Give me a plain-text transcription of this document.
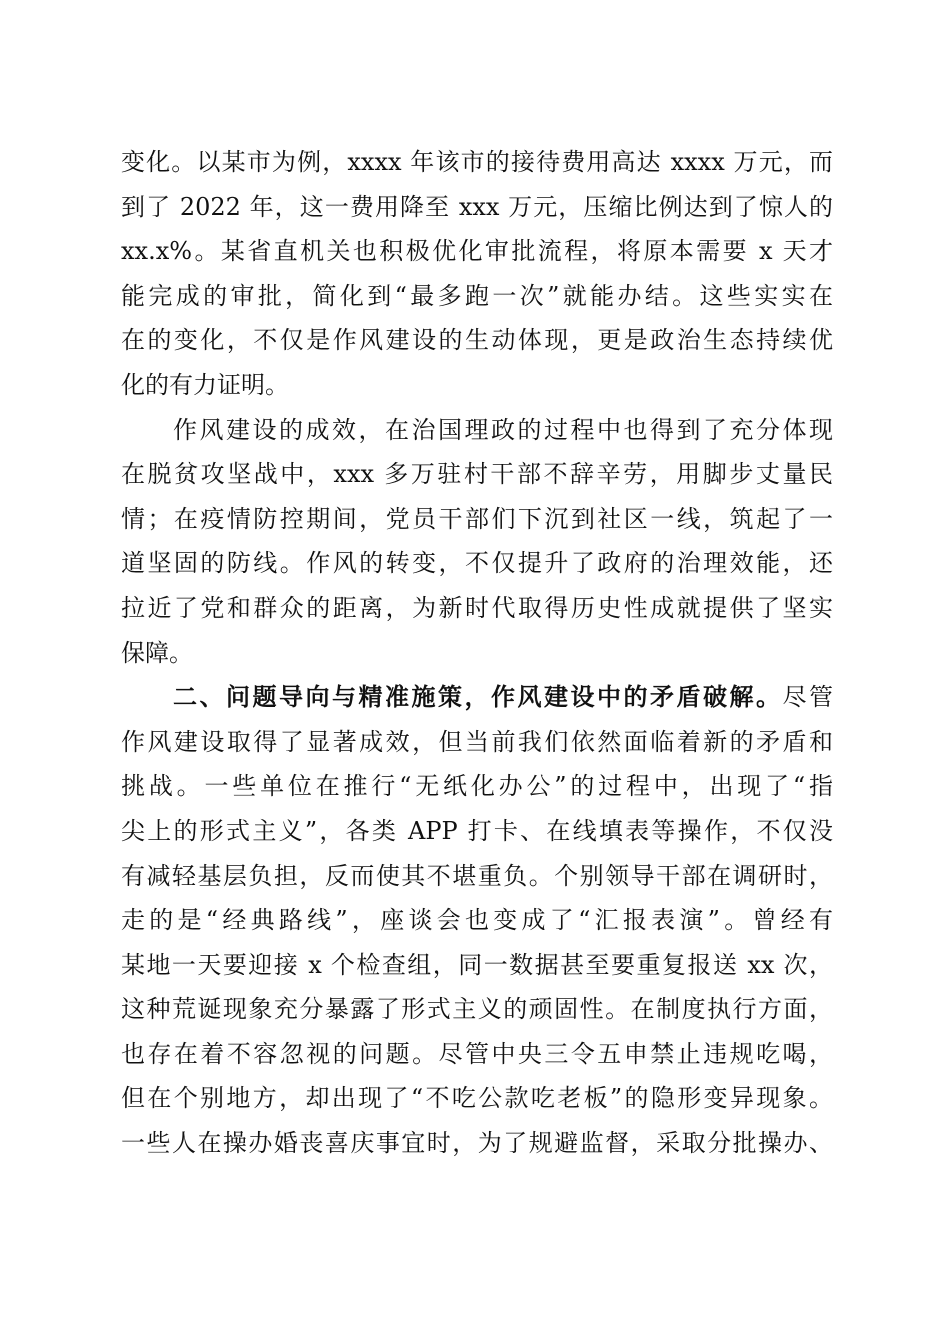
变化。以某市为例，xxxx 年该市的接待费用高达 xxxx 万元，而
到了 2022 年，这一费用降至 xxx 万元，压缩比例达到了惊人的
xx.x%。某省直机关也积极优化审批流程，将原本需要 x 天才
能完成的审批，简化到“最多跑一次”就能办结。这些实实在
在的变化，不仅是作风建设的生动体现，更是政治生态持续优
化的有力证明。
作风建设的成效，在治国理政的过程中也得到了充分体现
在脱贫攻坚战中，xxx 多万驻村干部不辞辛劳，用脚步丈量民
情；在疫情防控期间，党员干部们下沉到社区一线，筑起了一
道坚固的防线。作风的转变，不仅提升了政府的治理效能，还
拉近了党和群众的距离，为新时代取得历史性成就提供了坚实
保障。
二、问题导向与精准施策，作风建设中的矛盾破解。尽管
作风建设取得了显著成效，但当前我们依然面临着新的矛盾和
挑战。一些单位在推行“无纸化办公”的过程中，出现了“指
尖上的形式主义”，各类 APP 打卡、在线填表等操作，不仅没
有减轻基层负担，反而使其不堪重负。个别领导干部在调研时，
走的是“经典路线”，座谈会也变成了“汇报表演”。曾经有
某地一天要迎接 x 个检查组，同一数据甚至要重复报送 xx 次，
这种荒诞现象充分暴露了形式主义的顽固性。在制度执行方面，
也存在着不容忽视的问题。尽管中央三令五申禁止违规吃喝，
但在个别地方，却出现了“不吃公款吃老板”的隐形变异现象。
一些人在操办婚丧喜庆事宜时，为了规避监督，采取分批操办、
